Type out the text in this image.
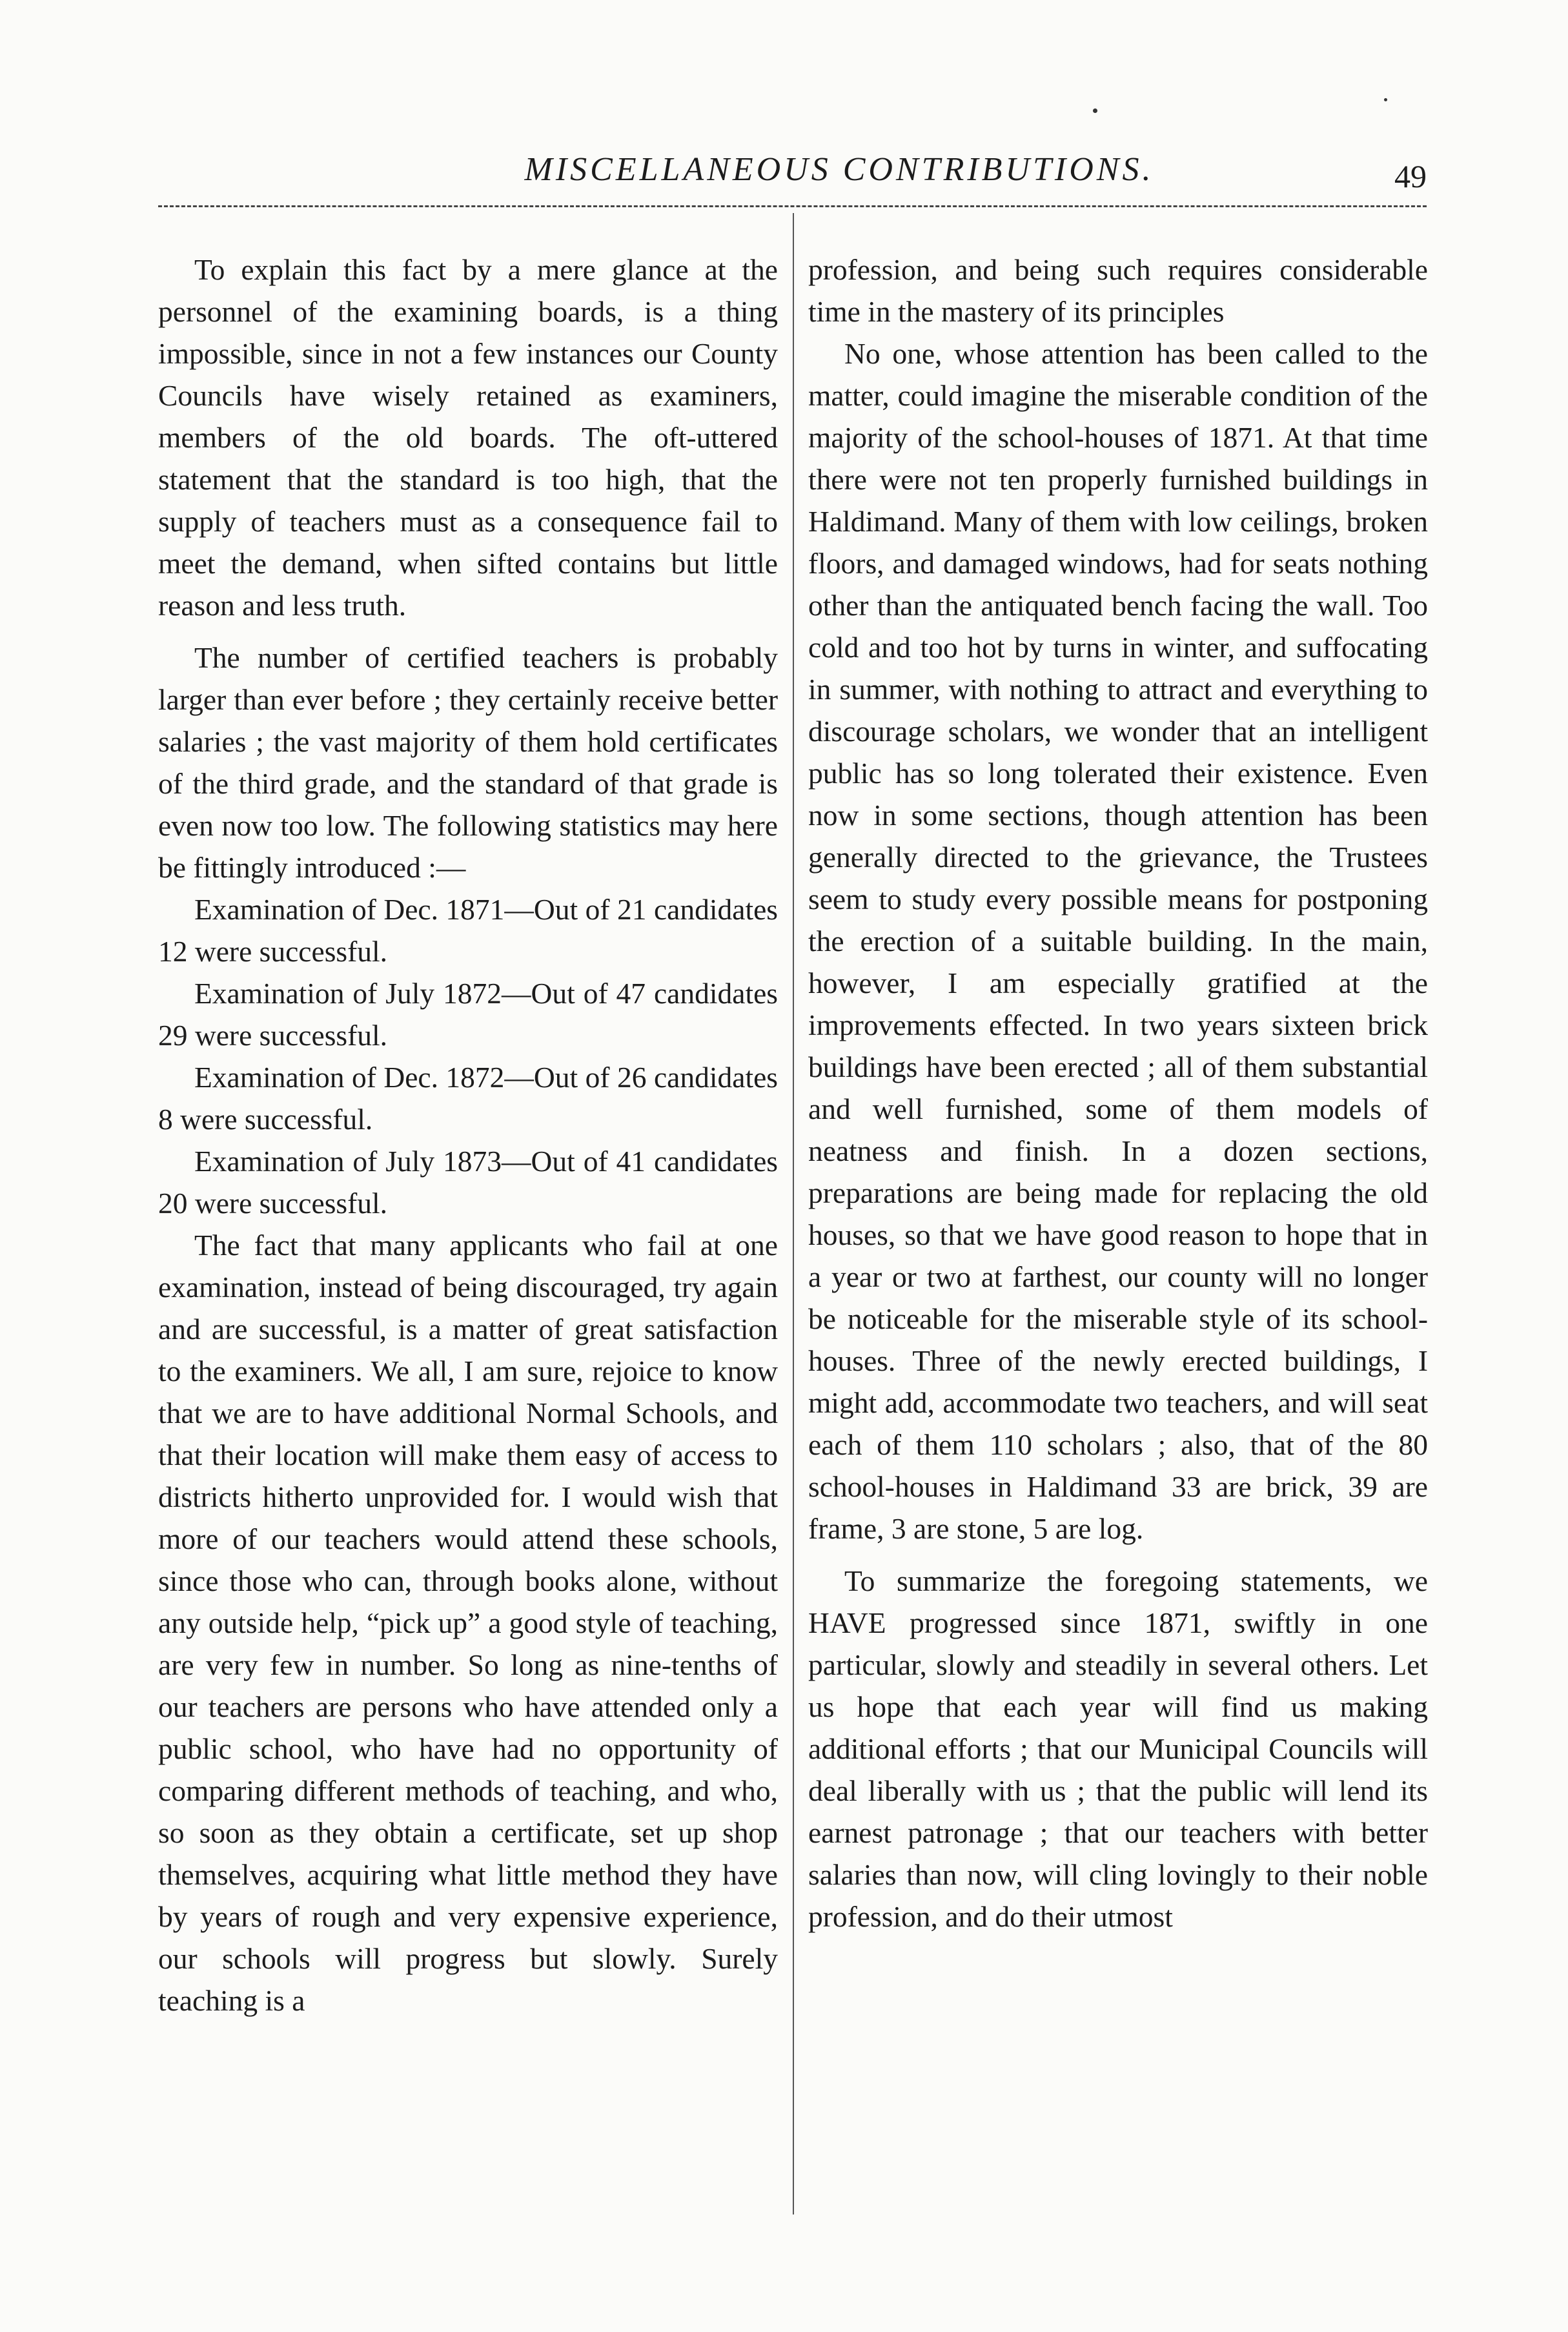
MISCELLANEOUS CONTRIBUTIONS.	49

To explain this fact by a mere glance at the personnel of the examining boards, is a thing impossible, since in not a few instances our County Councils have wisely retained as examiners, members of the old boards. The oft-uttered statement that the standard is too high, that the supply of teachers must as a consequence fail to meet the demand, when sifted contains but little reason and less truth.

The number of certified teachers is probably larger than ever before ; they certainly receive better salaries ; the vast majority of them hold certificates of the third grade, and the standard of that grade is even now too low. The following statistics may here be fittingly introduced :—

Examination of Dec. 1871—Out of 21 candidates 12 were successful.

Examination of July 1872—Out of 47 candidates 29 were successful.

Examination of Dec. 1872—Out of 26 candidates 8 were successful.

Examination of July 1873—Out of 41 candidates 20 were successful.

The fact that many applicants who fail at one examination, instead of being discouraged, try again and are successful, is a matter of great satisfaction to the examiners. We all, I am sure, rejoice to know that we are to have additional Normal Schools, and that their location will make them easy of access to districts hitherto unprovided for. I would wish that more of our teachers would attend these schools, since those who can, through books alone, without any outside help, “pick up” a good style of teaching, are very few in number. So long as nine-tenths of our teachers are persons who have attended only a public school, who have had no opportunity of comparing different methods of teaching, and who, so soon as they obtain a certificate, set up shop themselves, acquiring what little method they have by years of rough and very expensive experience, our schools will progress but slowly. Surely teaching is a

profession, and being such requires considerable time in the mastery of its principles

No one, whose attention has been called to the matter, could imagine the miserable condition of the majority of the school-houses of 1871. At that time there were not ten properly furnished buildings in Haldimand. Many of them with low ceilings, broken floors, and damaged windows, had for seats nothing other than the antiquated bench facing the wall. Too cold and too hot by turns in winter, and suffocating in summer, with nothing to attract and everything to discourage scholars, we wonder that an intelligent public has so long tolerated their existence. Even now in some sections, though attention has been generally directed to the grievance, the Trustees seem to study every possible means for postponing the erection of a suitable building. In the main, however, I am especially gratified at the improvements effected. In two years sixteen brick buildings have been erected ; all of them substantial and well furnished, some of them models of neatness and finish. In a dozen sections, preparations are being made for replacing the old houses, so that we have good reason to hope that in a year or two at farthest, our county will no longer be noticeable for the miserable style of its school-houses. Three of the newly erected buildings, I might add, accommodate two teachers, and will seat each of them 110 scholars ; also, that of the 80 school-houses in Haldimand 33 are brick, 39 are frame, 3 are stone, 5 are log.

To summarize the foregoing statements, we HAVE progressed since 1871, swiftly in one particular, slowly and steadily in several others. Let us hope that each year will find us making additional efforts ; that our Municipal Councils will deal liberally with us ; that the public will lend its earnest patronage ; that our teachers with better salaries than now, will cling lovingly to their noble profession, and do their utmost
